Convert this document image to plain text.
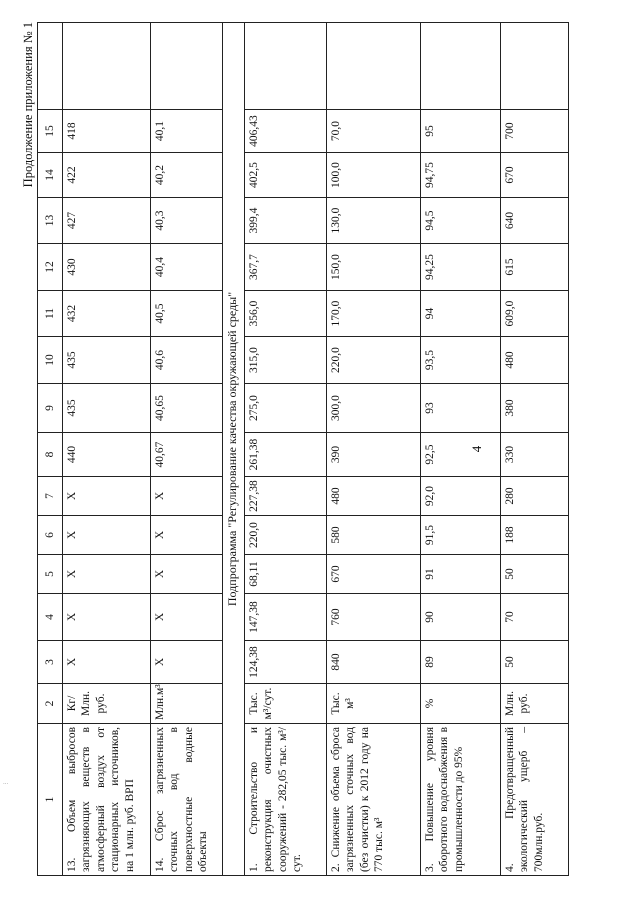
...
Продолжение приложения № 1
4
1	2	3	4	5	6	7	8	9	10	11	12	13	14	15	
13. Объем выбросов загрязняющих веществ в атмосферный воздух от стационарных источников, на 1 млн. руб. ВРП	Кг/Млн. руб.	X	X	X	X	X	440	435	435	432	430	427	422	418	
14. Сброс загрязненных сточных вод в поверхностные водные объекты	Млн.м³	X	X	X	X	X	40,67	40,65	40,6	40,5	40,4	40,3	40,2	40,1	
Подпрограмма "Регулирование качества окружающей среды"															
1. Строительство и реконструкция очистных сооружений - 282,05 тыс. м³/сут.	Тыс. м³/сут.	124,38	147,38	68,11	220,0	227,38	261,38	275,0	315,0	356,0	367,7	399,4	402,5	406,43	
2. Снижение объема сброса загрязненных сточных вод (без очистки) к 2012 году на 770 тыс. м³	Тыс. м³	840	760	670	580	480	390	300,0	220,0	170,0	150,0	130,0	100,0	70,0	
3. Повышение уровня оборотного водоснабжения в промышленности до 95%	%	89	90	91	91,5	92,0	92,5	93	93,5	94	94,25	94,5	94,75	95	
4. Предотвращенный экологический ущерб – 700млн.руб.	Млн. руб.	50	70	50	188	280	330	380	480	609,0	615	640	670	700	
